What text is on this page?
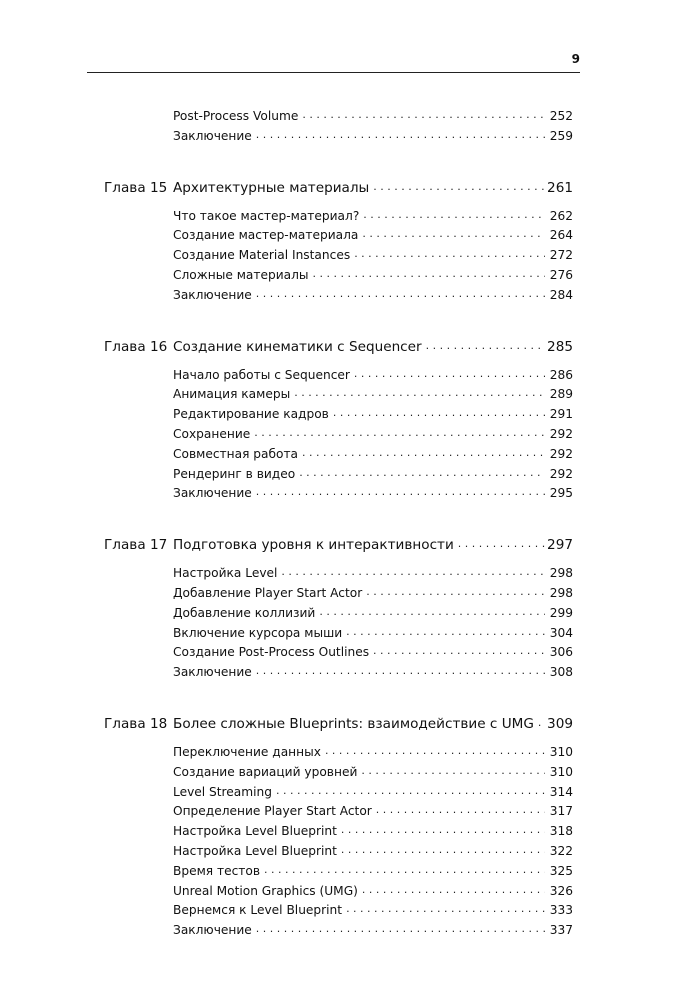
9
Post-Process Volume . . .	252
Заключение . . .	259
Глава 15 Архитектурные материалы . . .	261
Что такое мастер-материал? . . .	262
Создание мастер-материала . . .	264
Создание Material Instances . . .	272
Сложные материалы . . .	276
Заключение . . .	284
Глава 16 Создание кинематики с Sequencer . . .	285
Начало работы с Sequencer . . .	286
Анимация камеры . . .	289
Редактирование кадров . . .	291
Сохранение . . .	292
Совместная работа . . .	292
Рендеринг в видео . . .	292
Заключение . . .	295
Глава 17 Подготовка уровня к интерактивности . . .	297
Настройка Level . . .	298
Добавление Player Start Actor . . .	298
Добавление коллизий . . .	299
Включение курсора мыши . . .	304
Создание Post-Process Outlines . . .	306
Заключение . . .	308
Глава 18 Более сложные Blueprints: взаимодействие с UMG . . . 309
Переключение данных . . .	310
Создание вариаций уровней . . .	310
Level Streaming . . .	314
Определение Player Start Actor . . .	317
Настройка Level Blueprint . . .	318
Настройка Level Blueprint . . .	322
Время тестов . . .	325
Unreal Motion Graphics (UMG) . . .	326
Вернемся к Level Blueprint . . .	333
Заключение . . .	337
